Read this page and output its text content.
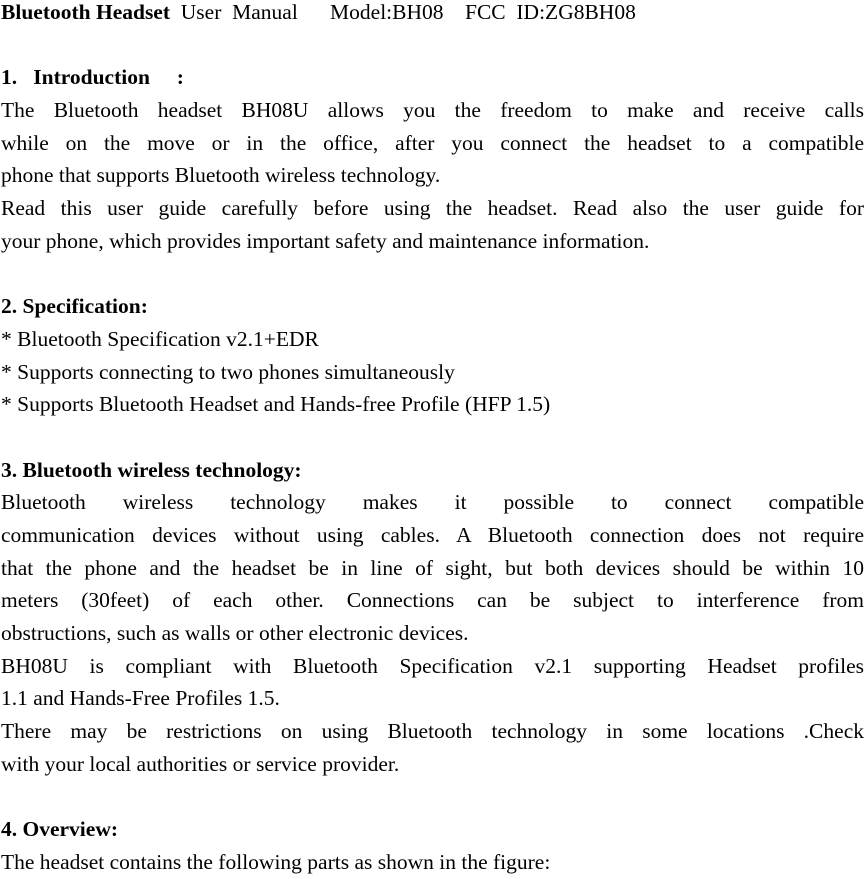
Bluetooth Headset  User  Manual      Model:BH08    FCC  ID:ZG8BH08
1.   Introduction     :
The Bluetooth headset BH08U allows you the freedom to make and receive calls
while on the move or in the office, after you connect the headset to a compatible
phone that supports Bluetooth wireless technology.
Read this user guide carefully before using the headset. Read also the user guide for
your phone, which provides important safety and maintenance information.
2. Specification:
* Bluetooth Specification v2.1+EDR
* Supports connecting to two phones simultaneously
* Supports Bluetooth Headset and Hands-free Profile (HFP 1.5)
3. Bluetooth wireless technology:
Bluetooth wireless technology makes it possible to connect compatible
communication devices without using cables. A Bluetooth connection does not require
that the phone and the headset be in line of sight, but both devices should be within 10
meters (30feet) of each other. Connections can be subject to interference from
obstructions, such as walls or other electronic devices.
BH08U is compliant with Bluetooth Specification v2.1 supporting Headset profiles
1.1 and Hands-Free Profiles 1.5.
There may be restrictions on using Bluetooth technology in some locations .Check
with your local authorities or service provider.
4. Overview:
The headset contains the following parts as shown in the figure:
